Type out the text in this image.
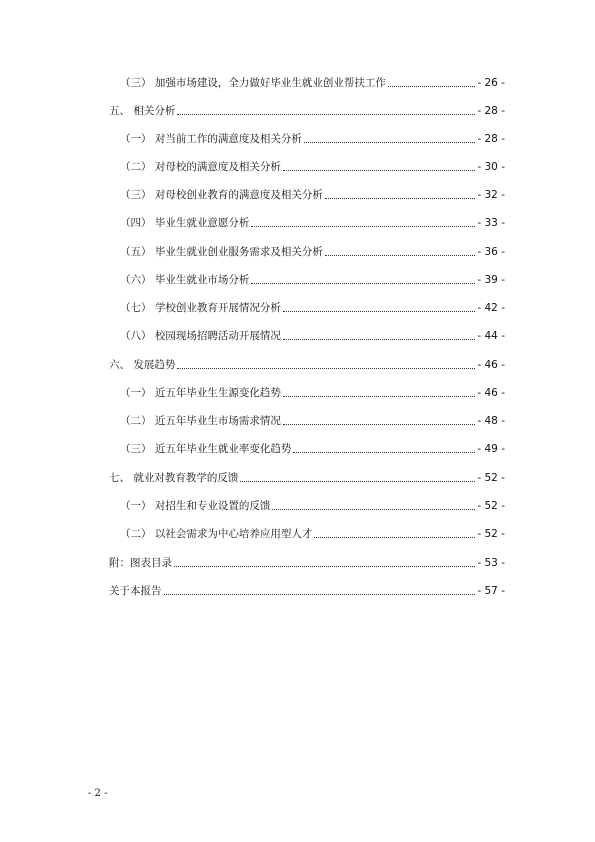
（三） 加强市场建设，全力做好毕业生就业创业帮扶工作	- 26 -
五、 相关分析	- 28 -
（一） 对当前工作的满意度及相关分析	- 28 -
（二） 对母校的满意度及相关分析	- 30 -
（三） 对母校创业教育的满意度及相关分析	- 32 -
（四） 毕业生就业意愿分析	- 33 -
（五） 毕业生就业创业服务需求及相关分析	- 36 -
（六） 毕业生就业市场分析	- 39 -
（七） 学校创业教育开展情况分析	- 42 -
（八） 校园现场招聘活动开展情况	- 44 -
六、 发展趋势	- 46 -
（一） 近五年毕业生生源变化趋势	- 46 -
（二） 近五年毕业生市场需求情况	- 48 -
（三） 近五年毕业生就业率变化趋势	- 49 -
七、 就业对教育教学的反馈	- 52 -
（一） 对招生和专业设置的反馈	- 52 -
（二） 以社会需求为中心培养应用型人才	- 52 -
附：图表目录	- 53 -
关于本报告	- 57 -
- 2 -
